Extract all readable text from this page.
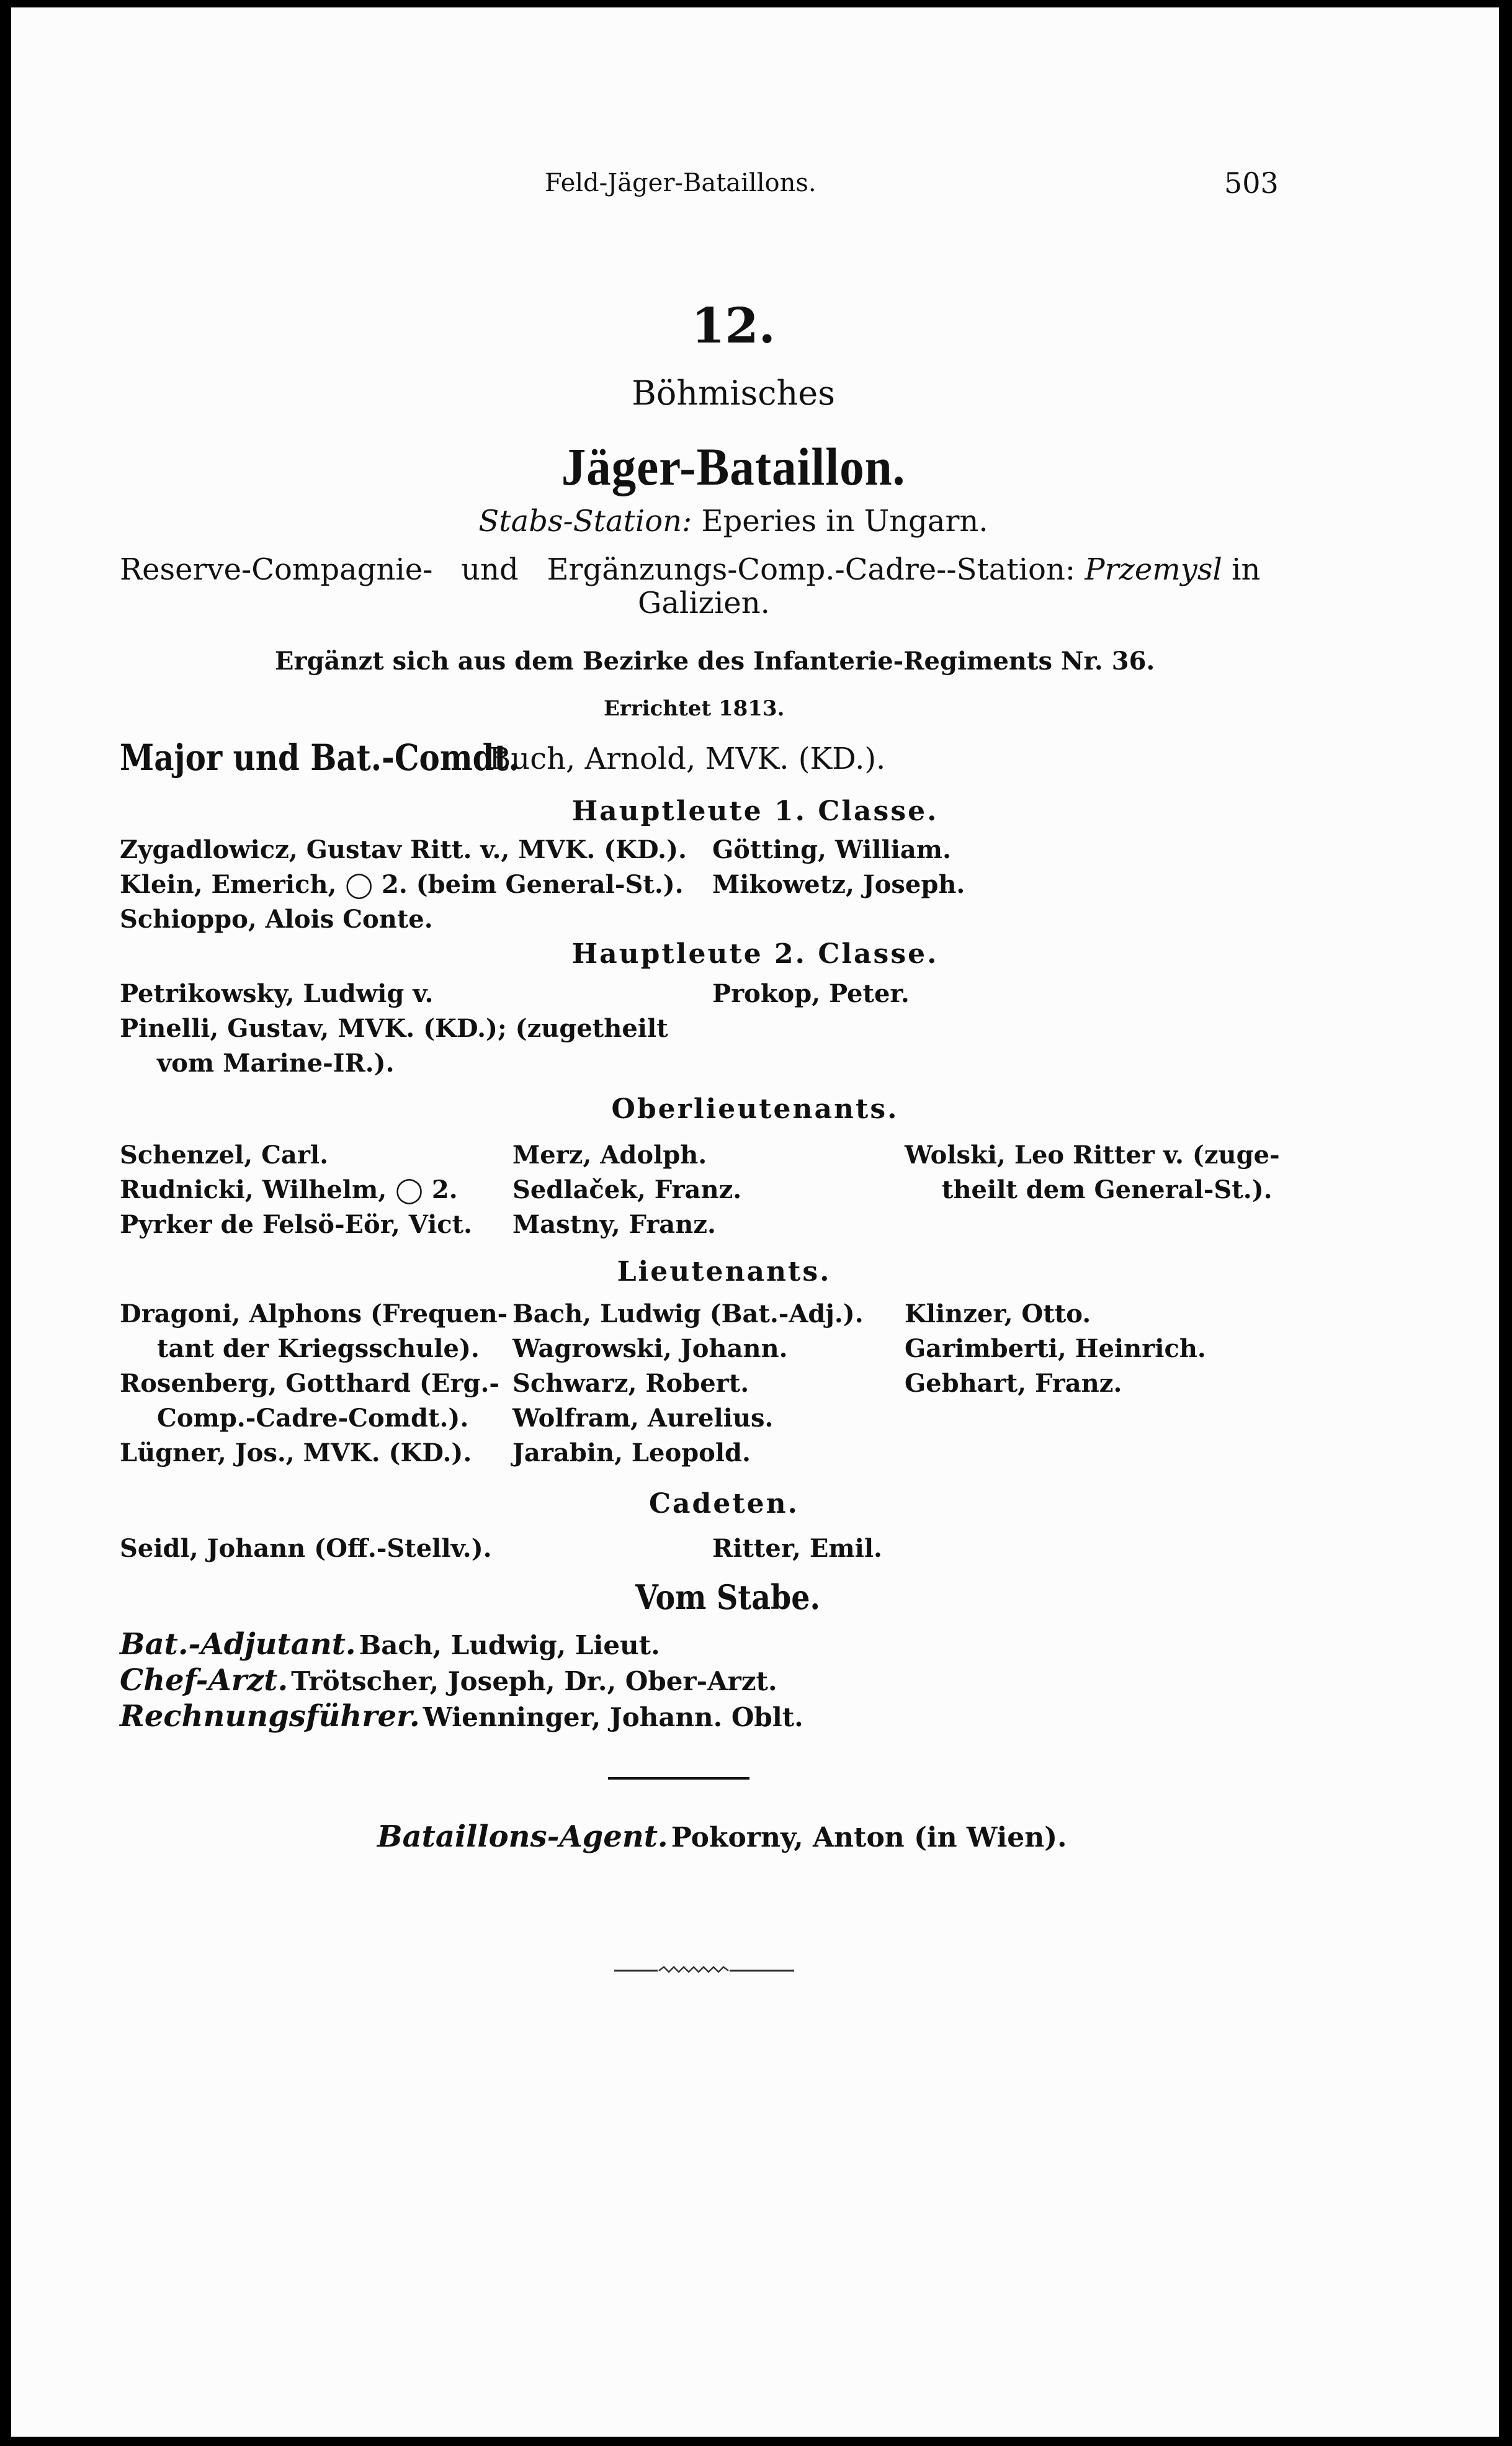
Feld-Jäger-Bataillons.	503
12.
Böhmisches
Jäger-Bataillon.
Stabs-Station: Eperies in Ungarn.
Reserve-Compagnie-   und   Ergänzungs-Comp.-Cadre--Station: Przemysl in
Galizien.
Ergänzt sich aus dem Bezirke des Infanterie-Regiments Nr. 36.
Errichtet 1813.
Major und Bat.-Comdt.
Buch, Arnold, MVK. (KD.).
Hauptleute 1. Classe.
Zygadlowicz, Gustav Ritt. v., MVK. (KD.).
Klein, Emerich, ◯ 2. (beim General-St.).
Schioppo, Alois Conte.
Götting, William.
Mikowetz, Joseph.
Hauptleute 2. Classe.
Petrikowsky, Ludwig v.
Pinelli, Gustav, MVK. (KD.); (zugetheilt
vom Marine-IR.).
Prokop, Peter.
Oberlieutenants.
Schenzel, Carl.
Rudnicki, Wilhelm, ◯ 2.
Pyrker de Felsö-Eör, Vict.
Merz, Adolph.
Sedlaček, Franz.
Mastny, Franz.
Wolski, Leo Ritter v. (zuge-
theilt dem General-St.).
Lieutenants.
Dragoni, Alphons (Frequen-
tant der Kriegsschule).
Rosenberg, Gotthard (Erg.-
Comp.-Cadre-Comdt.).
Lügner, Jos., MVK. (KD.).
Bach, Ludwig (Bat.-Adj.).
Wagrowski, Johann.
Schwarz, Robert.
Wolfram, Aurelius.
Jarabin, Leopold.
Klinzer, Otto.
Garimberti, Heinrich.
Gebhart, Franz.
Cadeten.
Seidl, Johann (Off.-Stellv.).	Ritter, Emil.
Vom Stabe.
Bat.-Adjutant. Bach, Ludwig, Lieut.
Chef-Arzt. Trötscher, Joseph, Dr., Ober-Arzt.
Rechnungsführer. Wienninger, Johann. Oblt.
Bataillons-Agent. Pokorny, Anton (in Wien).
